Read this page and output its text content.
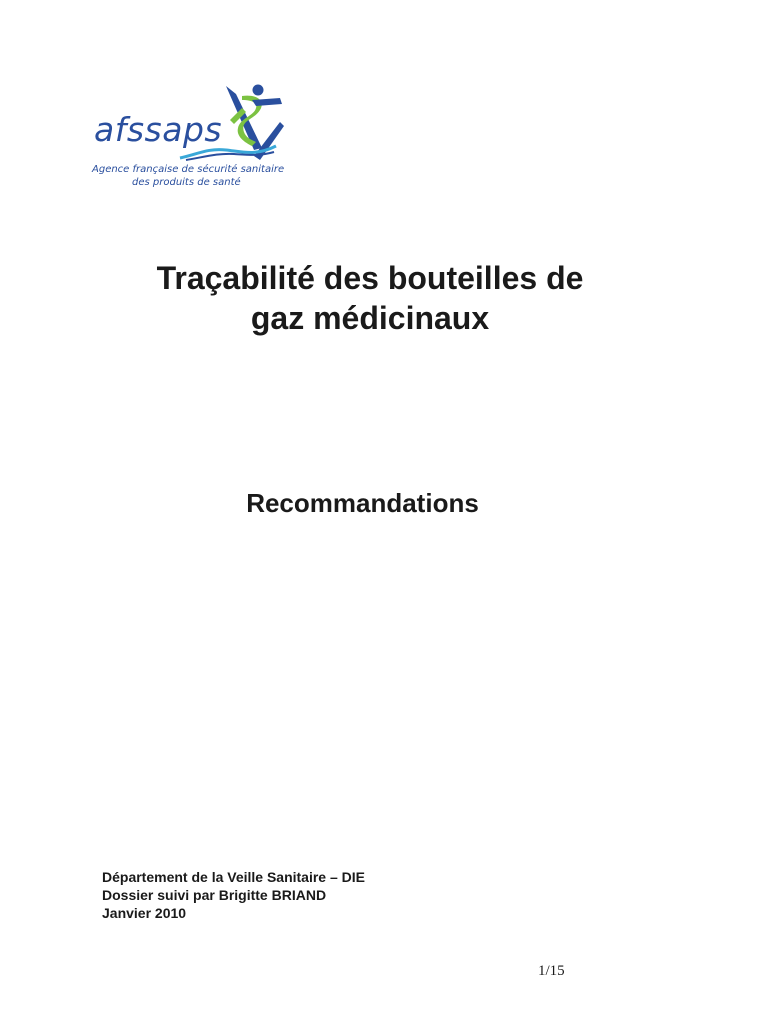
afssaps
Agence française de sécurité sanitaire
des produits de santé
Traçabilité des bouteilles de
gaz médicinaux
Recommandations
Département de la Veille Sanitaire – DIE
Dossier suivi par Brigitte BRIAND
Janvier 2010
1/15
